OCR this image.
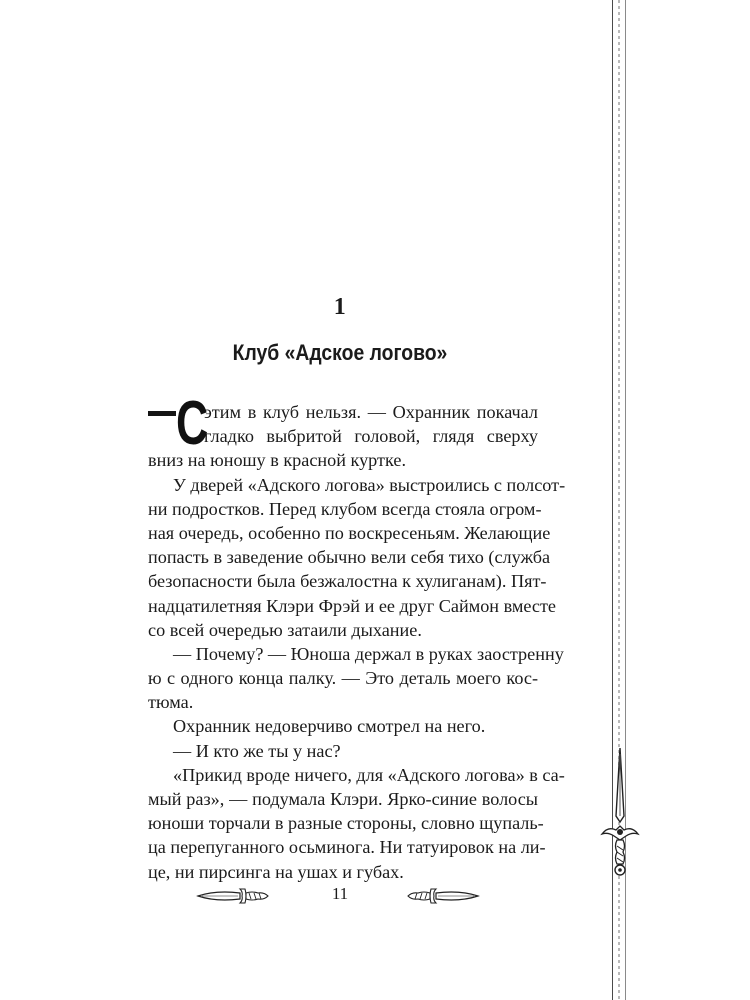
1
Клуб «Адское логово»
С
этим в клуб нельзя. — Охранник покачал
гладко выбритой головой, глядя сверху
вниз на юношу в красной куртке.
У дверей «Адского логова» выстроились с полсот-
ни подростков. Перед клубом всегда стояла огром-
ная очередь, особенно по воскресеньям. Желающие
попасть в заведение обычно вели себя тихо (служба
безопасности была безжалостна к хулиганам). Пят-
надцатилетняя Клэри Фрэй и ее друг Саймон вместе
со всей очередью затаили дыхание.
— Почему? — Юноша держал в руках заостренну
ю с одного конца палку. — Это деталь моего кос-
тюма.
Охранник недоверчиво смотрел на него.
— И кто же ты у нас?
«Прикид вроде ничего, для «Адского логова» в са-
мый раз», — подумала Клэри. Ярко-синие волосы
юноши торчали в разные стороны, словно щупаль-
ца перепуганного осьминога. Ни татуировок на ли-
це, ни пирсинга на ушах и губах.
11
